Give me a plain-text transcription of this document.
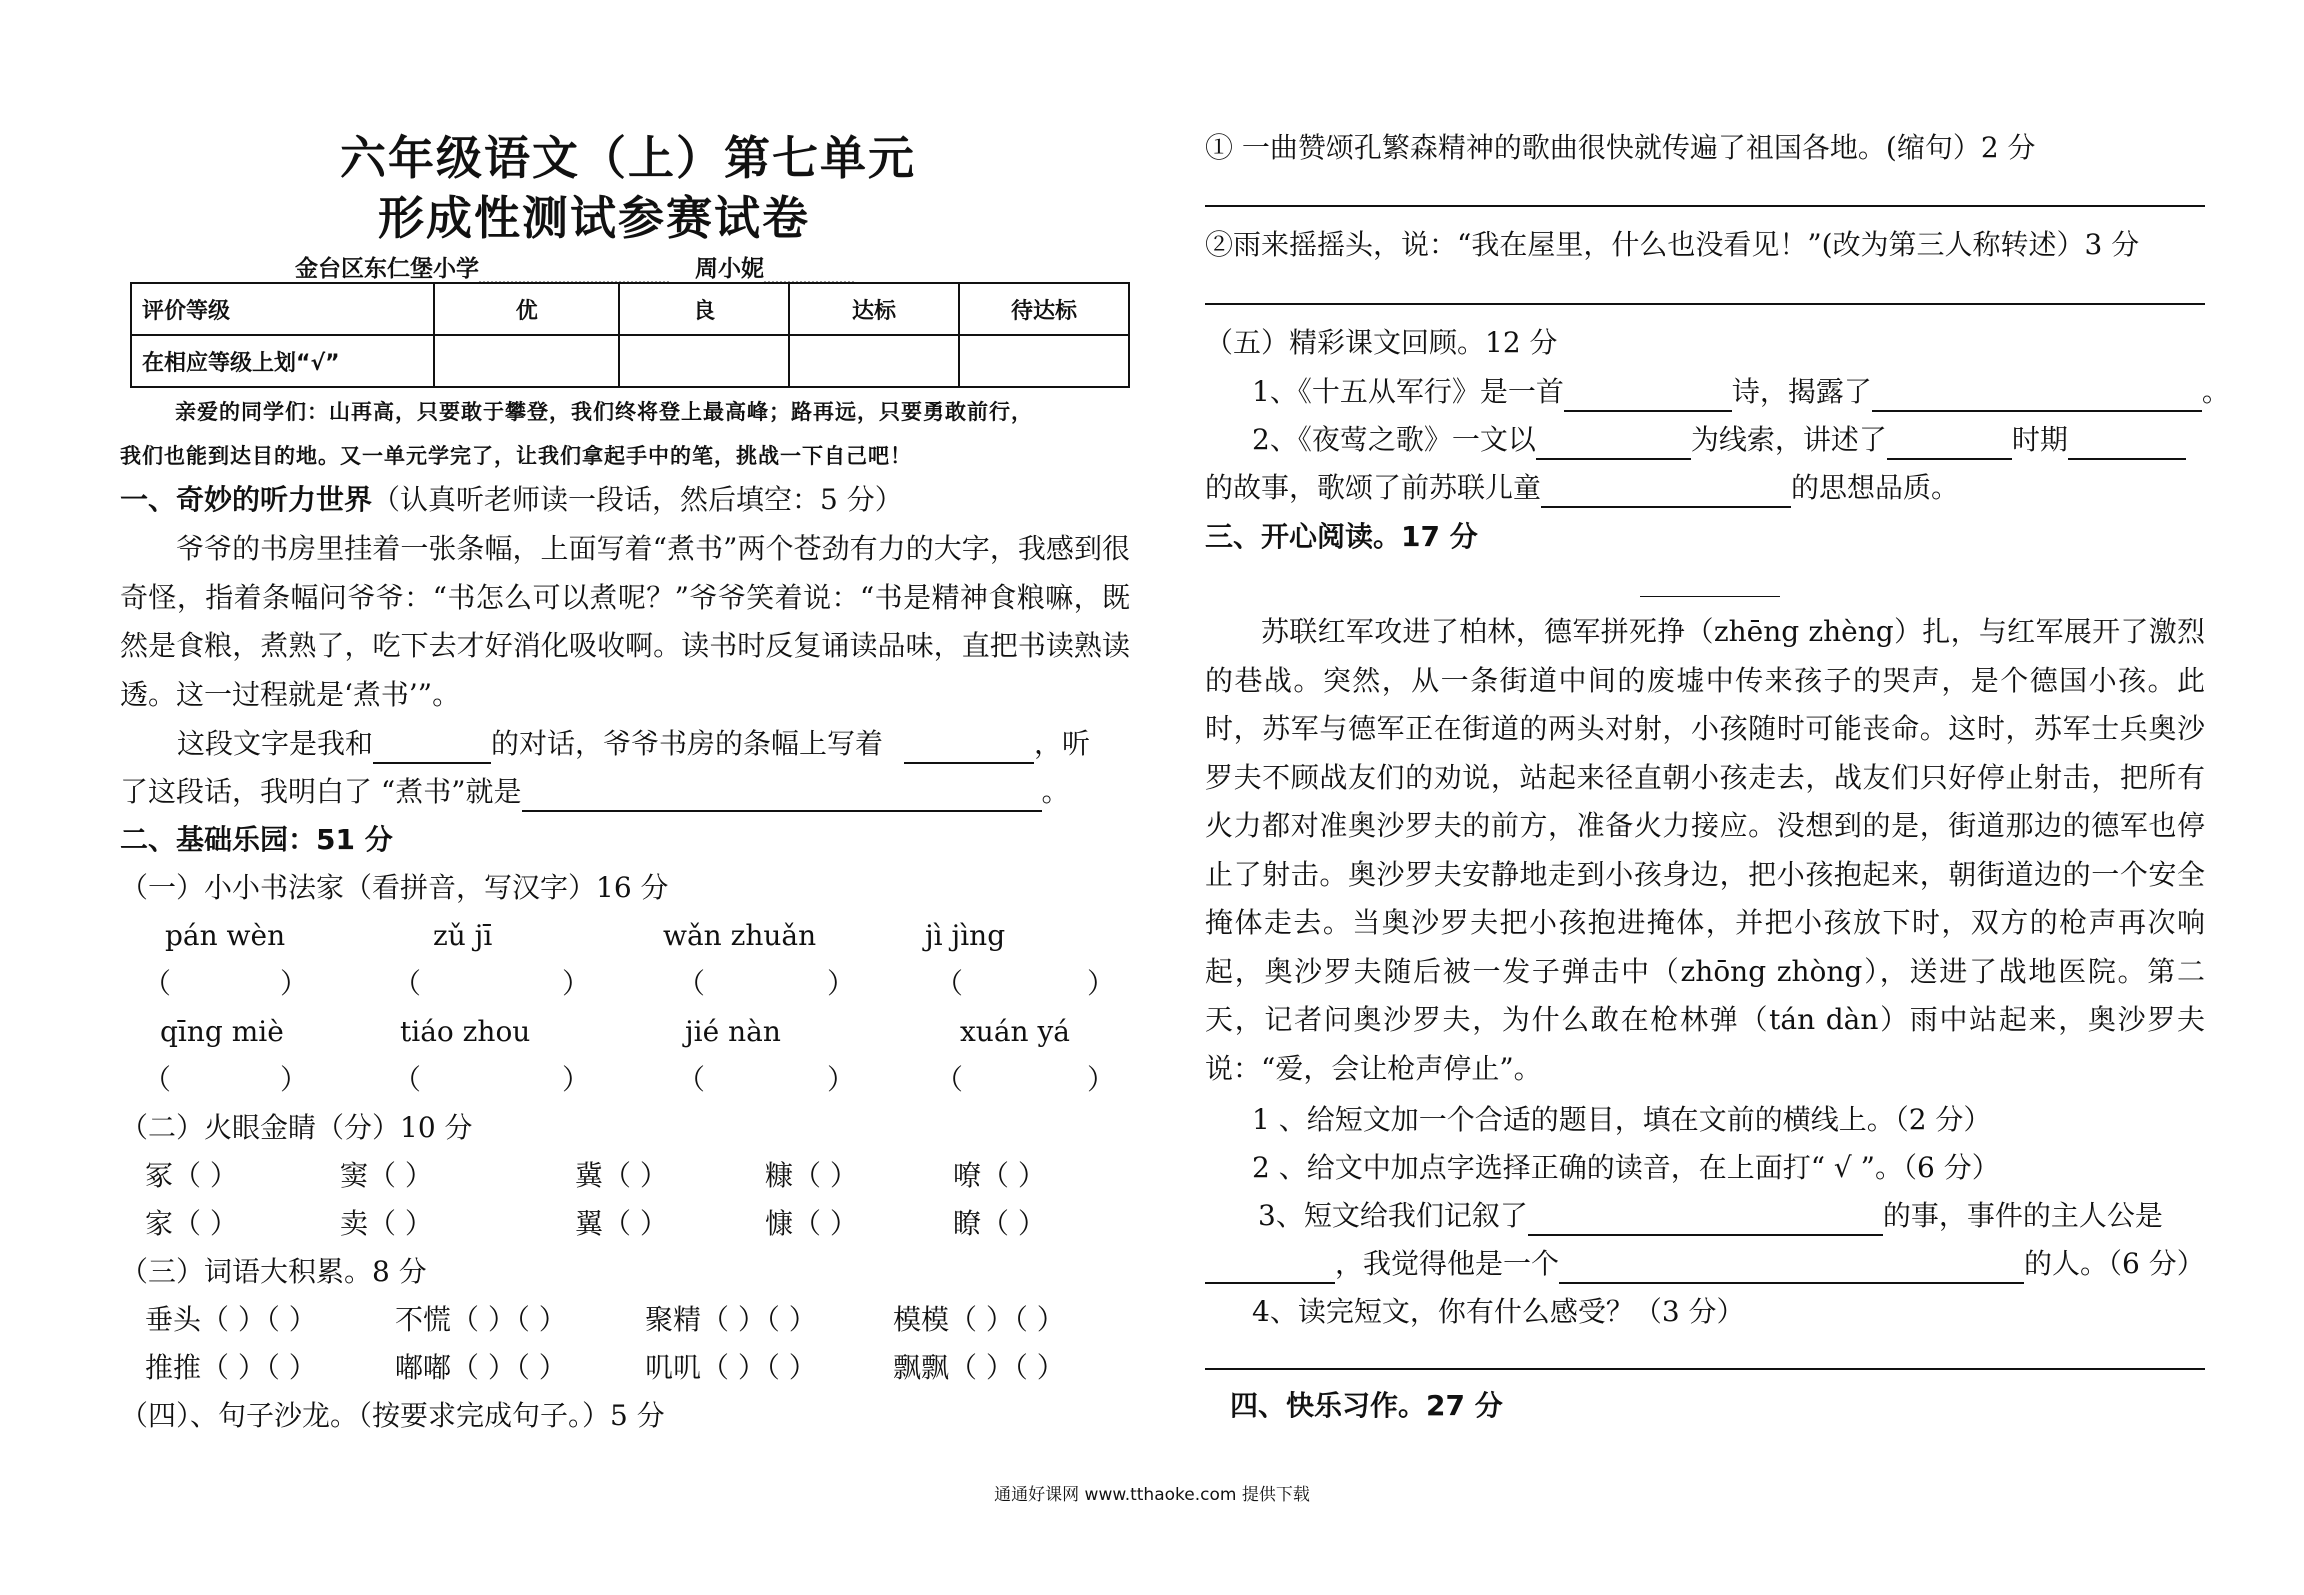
六年级语文（上）第七单元
形成性测试参赛试卷
金台区东仁堡小学	周小妮
评价等级	优	良	达标	待达标
在相应等级上划“√”				
亲爱的同学们：山再高，只要敢于攀登，我们终将登上最高峰；路再远，只要勇敢前行，
我们也能到达目的地。又一单元学完了，让我们拿起手中的笔，挑战一下自己吧！
一、奇妙的听力世界（认真听老师读一段话，然后填空：5 分）
爷爷的书房里挂着一张条幅，上面写着“煮书”两个苍劲有力的大字，我感到很奇怪，指着条幅问爷爷：“书怎么可以煮呢？”爷爷笑着说：“书是精神食粮嘛，既然是食粮，煮熟了，吃下去才好消化吸收啊。读书时反复诵读品味，直把书读熟读透。这一过程就是‘煮书’”。
这段文字是我和	的对话，爷爷书房的条幅上写着	，听
了这段话，我明白了 “煮书”就是	。
二、基础乐园：51 分
（一）小小书法家（看拼音，写汉字）16 分
pán wèn	zǔ jī	wǎn zhuǎn	jì jìng
（	）	（	）	（	）	（	）
qīng miè	tiáo zhou	jié nàn	xuán yá
（	）	（	）	（	）	（	）
（二）火眼金睛（分）10 分
冢（ ）	窦（ ）	冀（ ）	糠（ ）	嘹（ ）
家（ ）	卖（ ）	翼（ ）	慷（ ）	瞭（ ）
（三）词语大积累。8 分
垂头（ ）（ ）	不慌（ ）（ ）	聚精（ ）（ ）	模模（ ）（ ）
推推（ ）（ ）	嘟嘟（ ）（ ）	叽叽（ ）（ ）	飘飘（ ）（ ）
（四）、句子沙龙。（按要求完成句子。）5 分
① 一曲赞颂孔繁森精神的歌曲很快就传遍了祖国各地。(缩句）2 分
②雨来摇摇头，说：“我在屋里，什么也没看见！”(改为第三人称转述）3 分
（五）精彩课文回顾。12 分
1、《十五从军行》是一首	诗，揭露了	。
2、《夜莺之歌》一文以	为线索，讲述了	时期
的故事，歌颂了前苏联儿童	的思想品质。
三、开心阅读。17 分
苏联红军攻进了柏林，德军拼死挣（zhēng zhèng）扎，与红军展开了激烈的巷战。突然，从一条街道中间的废墟中传来孩子的哭声，是个德国小孩。此时，苏军与德军正在街道的两头对射，小孩随时可能丧命。这时，苏军士兵奥沙罗夫不顾战友们的劝说，站起来径直朝小孩走去，战友们只好停止射击，把所有火力都对准奥沙罗夫的前方，准备火力接应。没想到的是，街道那边的德军也停止了射击。奥沙罗夫安静地走到小孩身边，把小孩抱起来，朝街道边的一个安全掩体走去。当奥沙罗夫把小孩抱进掩体，并把小孩放下时，双方的枪声再次响起，奥沙罗夫随后被一发子弹击中（zhōng zhòng），送进了战地医院。第二天，记者问奥沙罗夫，为什么敢在枪林弹（tán dàn）雨中站起来，奥沙罗夫说：“爱，会让枪声停止”。
1 、给短文加一个合适的题目，填在文前的横线上。（2 分）
2 、给文中加点字选择正确的读音，在上面打“ √ ”。（6 分）
3、短文给我们记叙了	的事，事件的主人公是
，我觉得他是一个	的人。（6 分）
4、读完短文，你有什么感受？（3 分）
四、快乐习作。27 分
通通好课网 www.tthaoke.com 提供下载
